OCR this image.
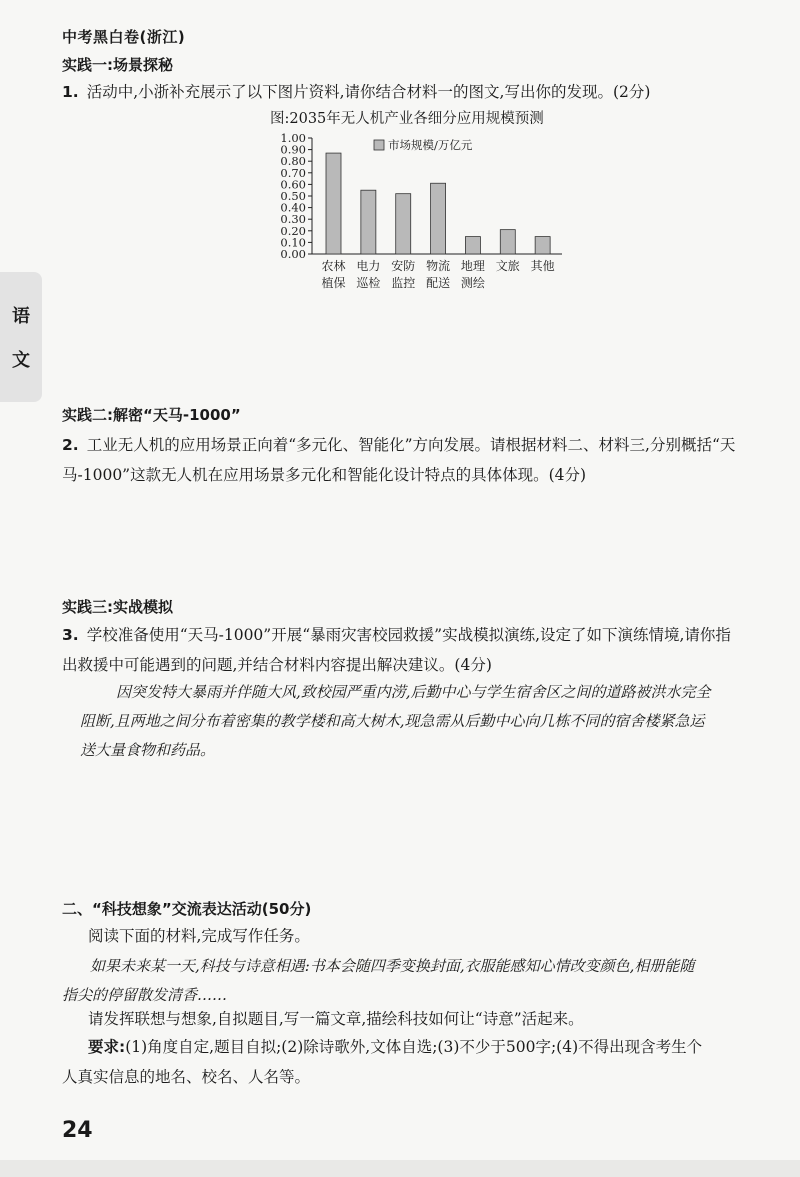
中考黑白卷(浙江)
语
文
实践一:场景探秘
1. 活动中,小浙补充展示了以下图片资料,请你结合材料一的图文,写出你的发现。(2分)
图:2035年无人机产业各细分应用规模预测
1.00
0.90
0.80
0.70
0.60
0.50
0.40
0.30
0.20
0.10
0.00
农林
植保
电力
巡检
安防
监控
物流
配送
地理
测绘
文旅 其他
市场规模/万亿元
实践二:解密“天马-1000”
2. 工业无人机的应用场景正向着“多元化、智能化”方向发展。请根据材料二、材料三,分别概括“天
马-1000”这款无人机在应用场景多元化和智能化设计特点的具体体现。(4分)
实践三:实战模拟
3. 学校准备使用“天马-1000”开展“暴雨灾害校园救援”实战模拟演练,设定了如下演练情境,请你指
出救援中可能遇到的问题,并结合材料内容提出解决建议。(4分)
因突发特大暴雨并伴随大风,致校园严重内涝,后勤中心与学生宿舍区之间的道路被洪水完全
阻断,且两地之间分布着密集的教学楼和高大树木,现急需从后勤中心向几栋不同的宿舍楼紧急运
送大量食物和药品。
二、“科技想象”交流表达活动(50分)
阅读下面的材料,完成写作任务。
如果未来某一天,科技与诗意相遇:书本会随四季变换封面,衣服能感知心情改变颜色,相册能随
指尖的停留散发清香……
请发挥联想与想象,自拟题目,写一篇文章,描绘科技如何让“诗意”活起来。
要求:(1)角度自定,题目自拟;(2)除诗歌外,文体自选;(3)不少于500字;(4)不得出现含考生个
人真实信息的地名、校名、人名等。
24
